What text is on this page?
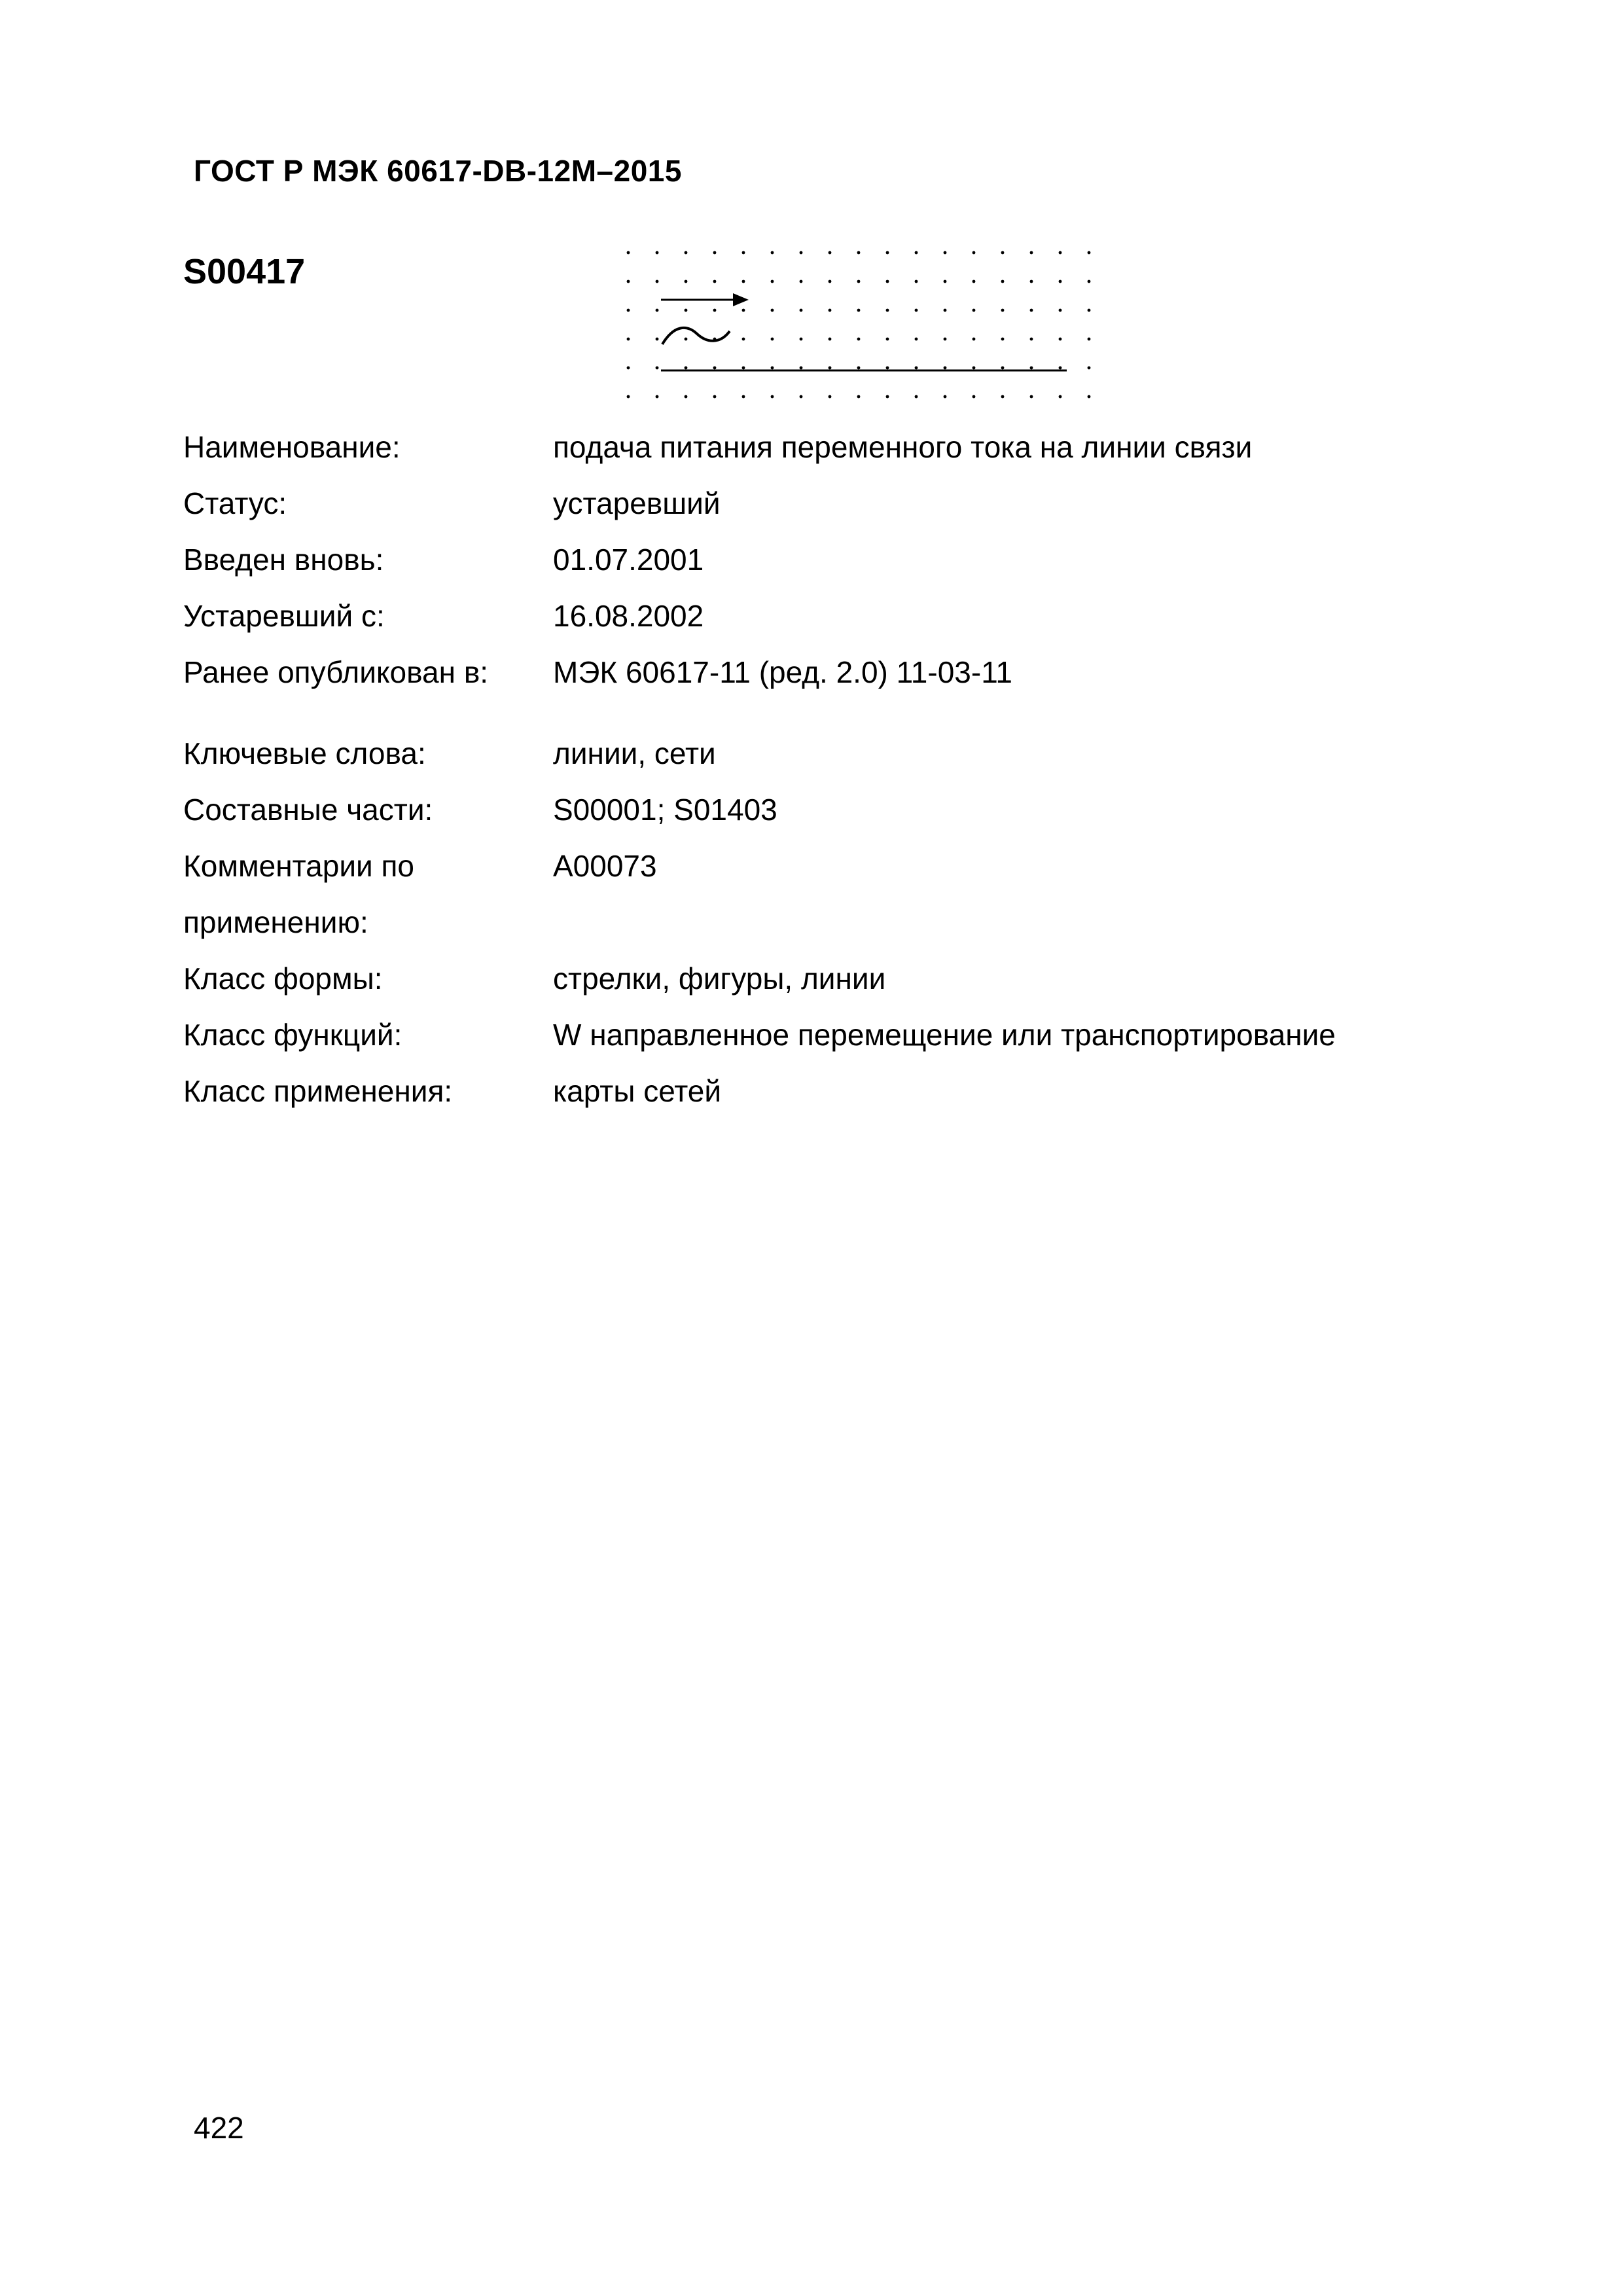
ГОСТ Р МЭК 60617-DB-12М–2015
S00417
Наименование:	подача питания переменного тока на линии связи
Статус:	устаревший
Введен вновь:	01.07.2001
Устаревший с:	16.08.2002
Ранее опубликован в:	МЭК 60617-11 (ред. 2.0) 11-03-11
Ключевые слова:	линии, сети
Составные части:	S00001; S01403
Комментарии по применению:
A00073
Класс формы:	стрелки, фигуры, линии
Класс функций:	W направленное перемещение или транспортирование
Класс применения:	карты сетей
422
